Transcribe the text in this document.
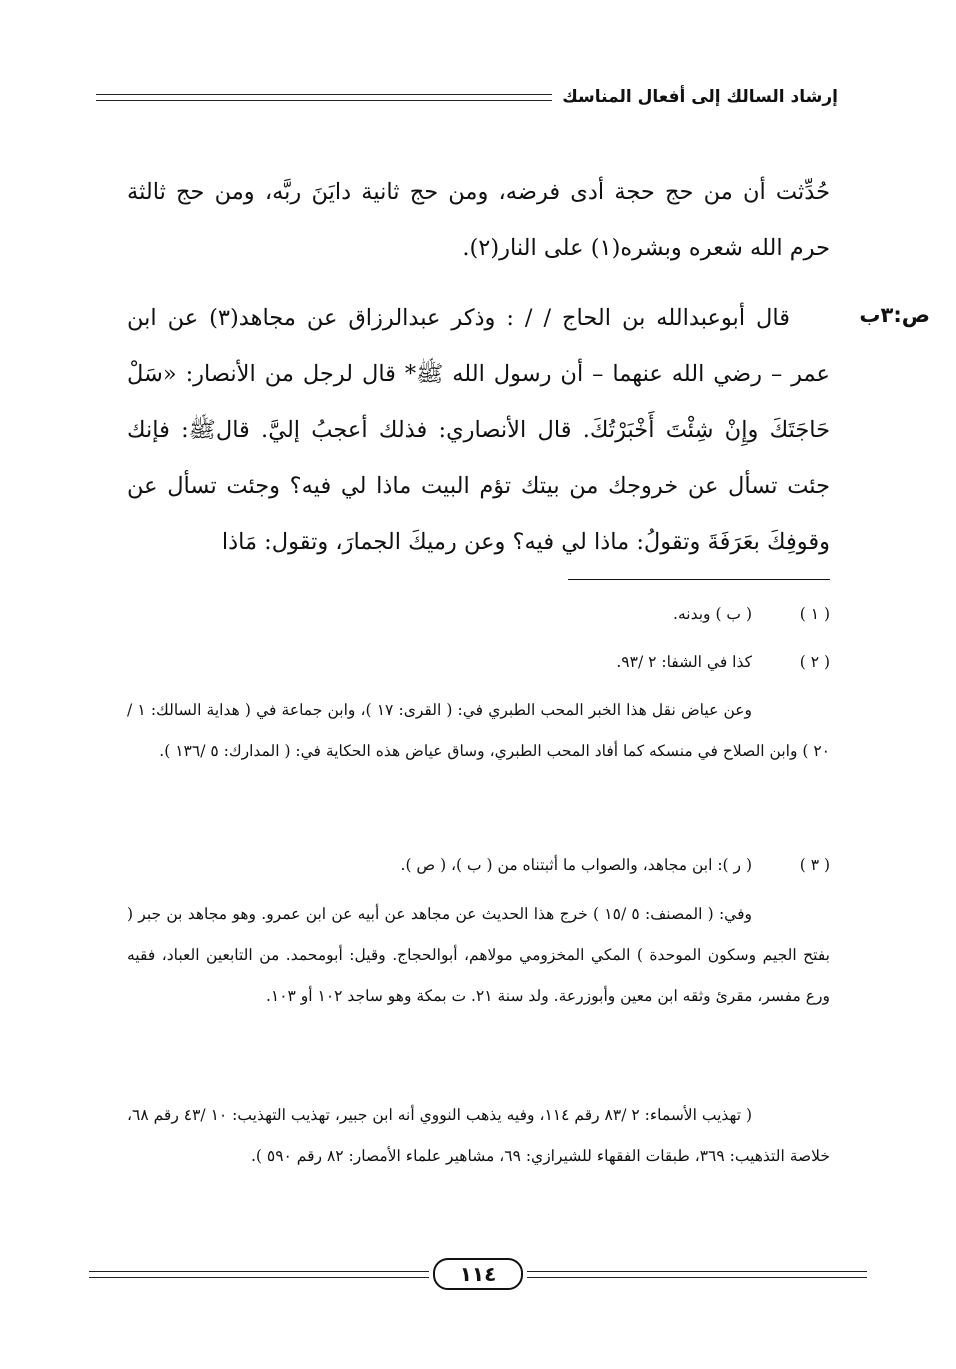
إرشاد السالك إلى أفعال المناسك

حُدِّثت أن من حج حجة أدى فرضه، ومن حج ثانية دايَنَ ربَّه، ومن حج ثالثة حرم الله شعره وبشره(١) على النار(٢).

ص:٣ب

قال أبوعبدالله بن الحاج / / : وذكر عبدالرزاق عن مجاهد(٣) عن ابن عمر – رضي الله عنهما – أن رسول الله ﷺ* قال لرجل من الأنصار: «سَلْ حَاجَتَكَ وإِنْ شِئْتَ أَخْبَرْتُكَ. قال الأنصاري: فذلك أعجبُ إليَّ. قالﷺ: فإنك جئت تسأل عن خروجك من بيتك تؤم البيت ماذا لي فيه؟ وجئت تسأل عن وقوفِكَ بعَرَفَةَ وتقولُ: ماذا لي فيه؟ وعن رميكَ الجمارَ، وتقول: مَاذا

( ١ )
( ب ) وبدنه.

( ٢ )
كذا في الشفا: ٢ /٩٣.

وعن عياض نقل هذا الخبر المحب الطبري في: ( القرى: ١٧ )، وابن جماعة في ( هداية السالك: ١ / ٢٠ ) وابن الصلاح في منسكه كما أفاد المحب الطبري، وساق عياض هذه الحكاية في: ( المدارك: ٥ /١٣٦ ).

( ٣ )
( ر ): ابن مجاهد، والصواب ما أثبتناه من ( ب )، ( ص ).

وفي: ( المصنف: ٥ /١٥ ) خرج هذا الحديث عن مجاهد عن أبيه عن ابن عمرو. وهو مجاهد بن جبر ( بفتح الجيم وسكون الموحدة ) المكي المخزومي مولاهم، أبوالحجاج. وقيل: أبومحمد. من التابعين العباد، فقيه ورع مفسر، مقرئ وثقه ابن معين وأبوزرعة. ولد سنة ٢١. ت بمكة وهو ساجد ١٠٢ أو ١٠٣.

( تهذيب الأسماء: ٢ /٨٣ رقم ١١٤، وفيه يذهب النووي أنه ابن جبير، تهذيب التهذيب: ١٠ /٤٣ رقم ٦٨، خلاصة التذهيب: ٣٦٩، طبقات الفقهاء للشيرازي: ٦٩، مشاهير علماء الأمصار: ٨٢ رقم ٥٩٠ ).

١١٤
